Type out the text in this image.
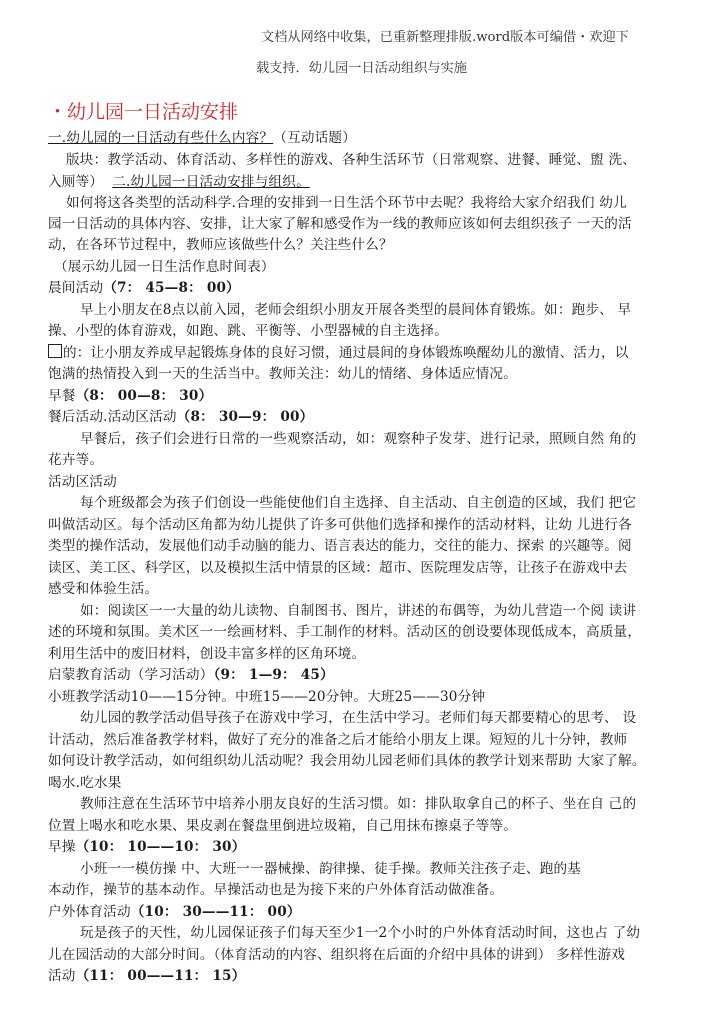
文档从网络中收集，已重新整理排版.word版本可编借・欢迎下
载支持．幼儿园一日活动组织与实施
・幼儿园一日活动安排
一.幼儿园的一日活动有些什么内容？（互动话题）
版块：教学活动、体育活动、多样性的游戏、各种生活环节（日常观察、进餐、睡觉、盥 洗、
入厕等） 二.幼儿园一日活动安排与组织。
如何将这各类型的活动科学.合理的安排到一日生活个环节中去呢？我将给大家介绍我们 幼儿
园一日活动的具体内容、安排，让大家了解和感受作为一线的教师应该如何去组织孩子 一天的活
动，在各环节过程中，教师应该做些什么？关注些什么？
（展示幼儿园一日生活作息时间表）
晨间活动（7： 45—8： 00）
早上小朋友在8点以前入园，老师会组织小朋友开展各类型的晨间体育锻炼。如：跑步、 早
操、小型的体育游戏，如跑、跳、平衡等、小型器械的自主选择。
的：让小朋友养成早起锻炼身体的良好习惯，通过晨间的身体锻炼唤醒幼儿的激情、活力，以
饱满的热情投入到一天的生活当中。教师关注：幼儿的情绪、身体适应情况。
早餐（8： 00—8： 30）
餐后活动.活动区活动（8： 30—9： 00）
早餐后，孩子们会进行日常的一些观察活动，如：观察种子发芽、进行记录，照顾自然 角的
花卉等。
活动区活动
每个班级都会为孩子们创设一些能使他们自主选择、自主活动、自主创造的区域，我们 把它
叫做活动区。每个活动区角都为幼儿提供了许多可供他们选择和操作的活动材料，让幼 儿进行各
类型的操作活动，发展他们动手动脑的能力、语言表达的能力，交往的能力、探索 的兴趣等。阅
读区、美工区、科学区，以及模拟生活中情景的区域：超市、医院理发店等，让孩子在游戏中去
感受和体验生活。
如：阅读区一一大量的幼儿读物、自制图书、图片，讲述的布偶等，为幼儿营造一个阅 读讲
述的环境和氛围。美术区一一绘画材料、手工制作的材料。活动区的创设要体现低成本，高质量，
利用生活中的废旧材料，创设丰富多样的区角环境。
启蒙教育活动（学习活动）（9： 1—9： 45）
小班教学活动10——15分钟。中班15——20分钟。大班25——30分钟
幼儿园的教学活动倡导孩子在游戏中学习，在生活中学习。老师们每天都要精心的思考、 设
计活动，然后准备教学材料，做好了充分的准备之后才能给小朋友上课。短短的儿十分钟，教师
如何设计教学活动，如何组织幼儿活动呢？我会用幼儿园老师们具体的教学计划来帮助 大家了解。
喝水.吃水果
教师注意在生活环节中培养小朋友良好的生活习惯。如：排队取拿自己的杯子、坐在自 己的
位置上喝水和吃水果、果皮剥在餐盘里倒进垃圾箱，自己用抹布擦桌子等等。
早操（10： 10——10： 30）
小班一一模仿操 中、大班一一器械操、韵律操、徒手操。教师关注孩子走、跑的基
本动作，操节的基本动作。早操活动也是为接下来的户外体育活动做准备。
户外体育活动（10： 30——11： 00）
玩是孩子的天性，幼儿园保证孩子们每天至少1一2个小时的户外体育活动时间，这也占 了幼
儿在园活动的大部分时间。（体育活动的内容、组织将在后面的介绍中具体的讲到） 多样性游戏
活动（11： 00——11： 15）
